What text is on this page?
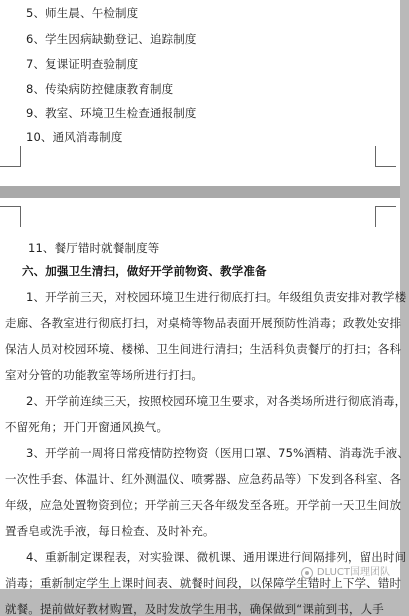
5、师生晨、午检制度
6、学生因病缺勤登记、追踪制度
7、复课证明查验制度
8、传染病防控健康教育制度
9、教室、环境卫生检查通报制度
10、通风消毒制度
11、餐厅错时就餐制度等
六、加强卫生清扫，做好开学前物资、教学准备
1、开学前三天，对校园环境卫生进行彻底打扫。年级组负责安排对教学楼
走廊、各教室进行彻底打扫，对桌椅等物品表面开展预防性消毒；政教处安排
保洁人员对校园环境、楼梯、卫生间进行清扫；生活科负责餐厅的打扫；各科
室对分管的功能教室等场所进行打扫。
2、开学前连续三天，按照校园环境卫生要求，对各类场所进行彻底消毒，
不留死角；开门开窗通风换气。
3、开学前一周将日常疫情防控物资（医用口罩、75%酒精、消毒洗手液、
一次性手套、体温计、红外测温仪、喷雾器、应急药品等）下发到各科室、各
年级，应急处置物资到位；开学前三天各年级发至各班。开学前一天卫生间放
置香皂或洗手液，每日检查、及时补充。
4、重新制定课程表，对实验课、微机课、通用课进行间隔排列，留出时间
消毒；重新制定学生上课时间表、就餐时间段，以保障学生错时上下学、错时
就餐。提前做好教材购置，及时发放学生用书，确保做到“课前到书，人手
DLUCT国理团队
